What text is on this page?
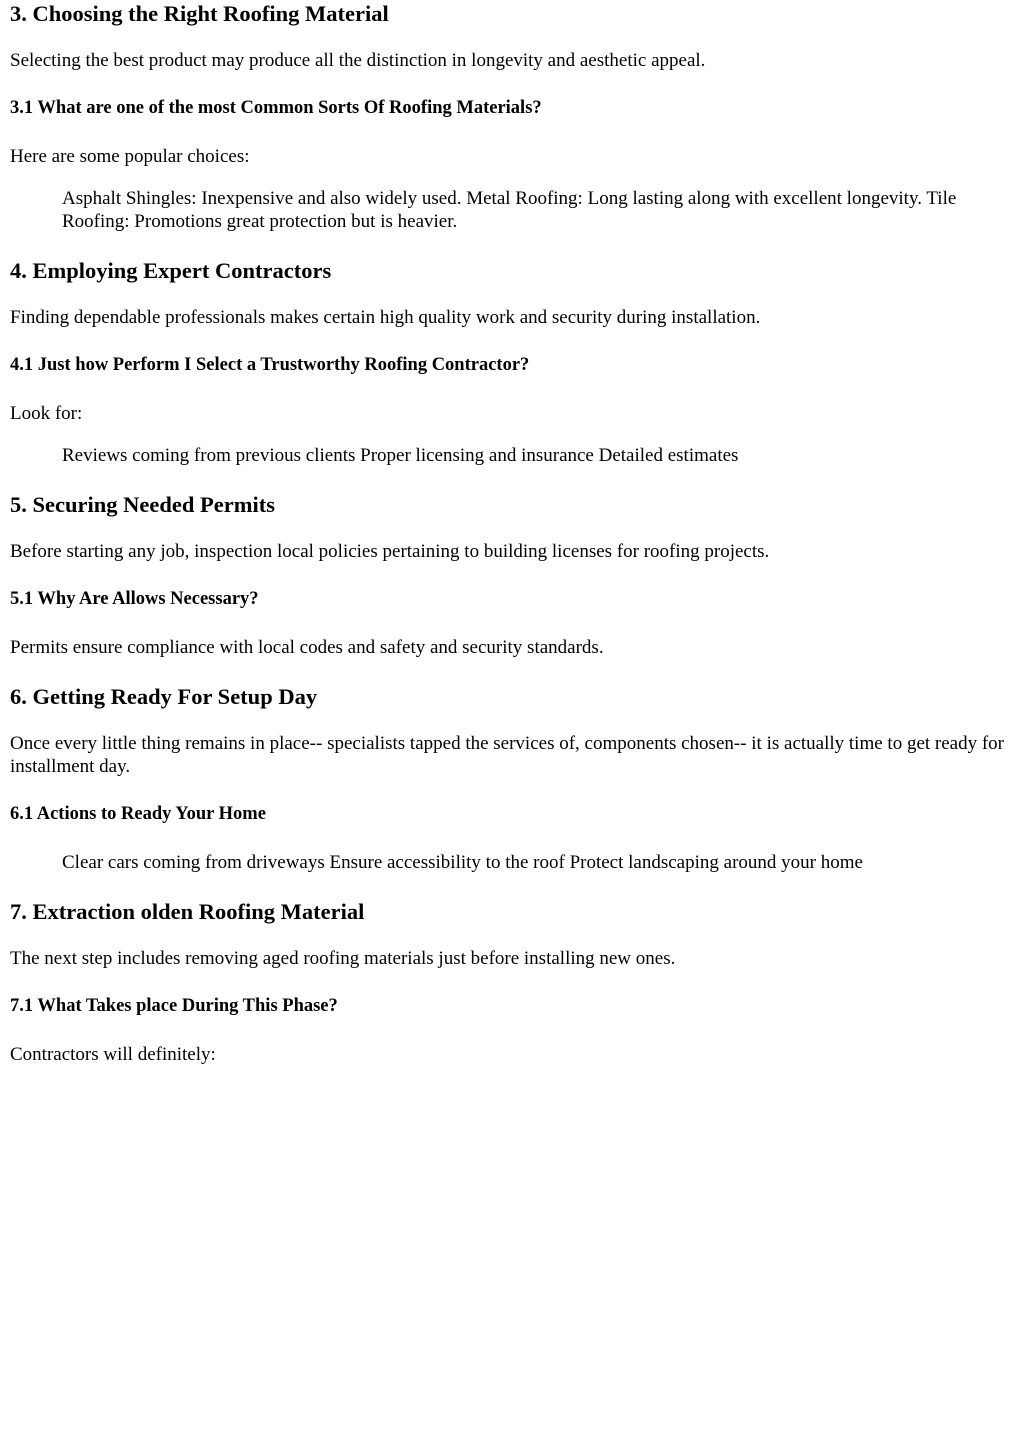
3. Choosing the Right Roofing Material

Selecting the best product may produce all the distinction in longevity and aesthetic appeal.

3.1 What are one of the most Common Sorts Of Roofing Materials?

Here are some popular choices:

Asphalt Shingles: Inexpensive and also widely used. Metal Roofing: Long lasting along with excellent longevity. Tile Roofing: Promotions great protection but is heavier.
4. Employing Expert Contractors

Finding dependable professionals makes certain high quality work and security during installation.

4.1 Just how Perform I Select a Trustworthy Roofing Contractor?

Look for:

Reviews coming from previous clients Proper licensing and insurance Detailed estimates
5. Securing Needed Permits

Before starting any job, inspection local policies pertaining to building licenses for roofing projects.

5.1 Why Are Allows Necessary?

Permits ensure compliance with local codes and safety and security standards.

6. Getting Ready For Setup Day

Once every little thing remains in place-- specialists tapped the services of, components chosen-- it is actually time to get ready for installment day.

6.1 Actions to Ready Your Home
Clear cars coming from driveways Ensure accessibility to the roof Protect landscaping around your home
7. Extraction olden Roofing Material

The next step includes removing aged roofing materials just before installing new ones.

7.1 What Takes place During This Phase?

Contractors will definitely:
